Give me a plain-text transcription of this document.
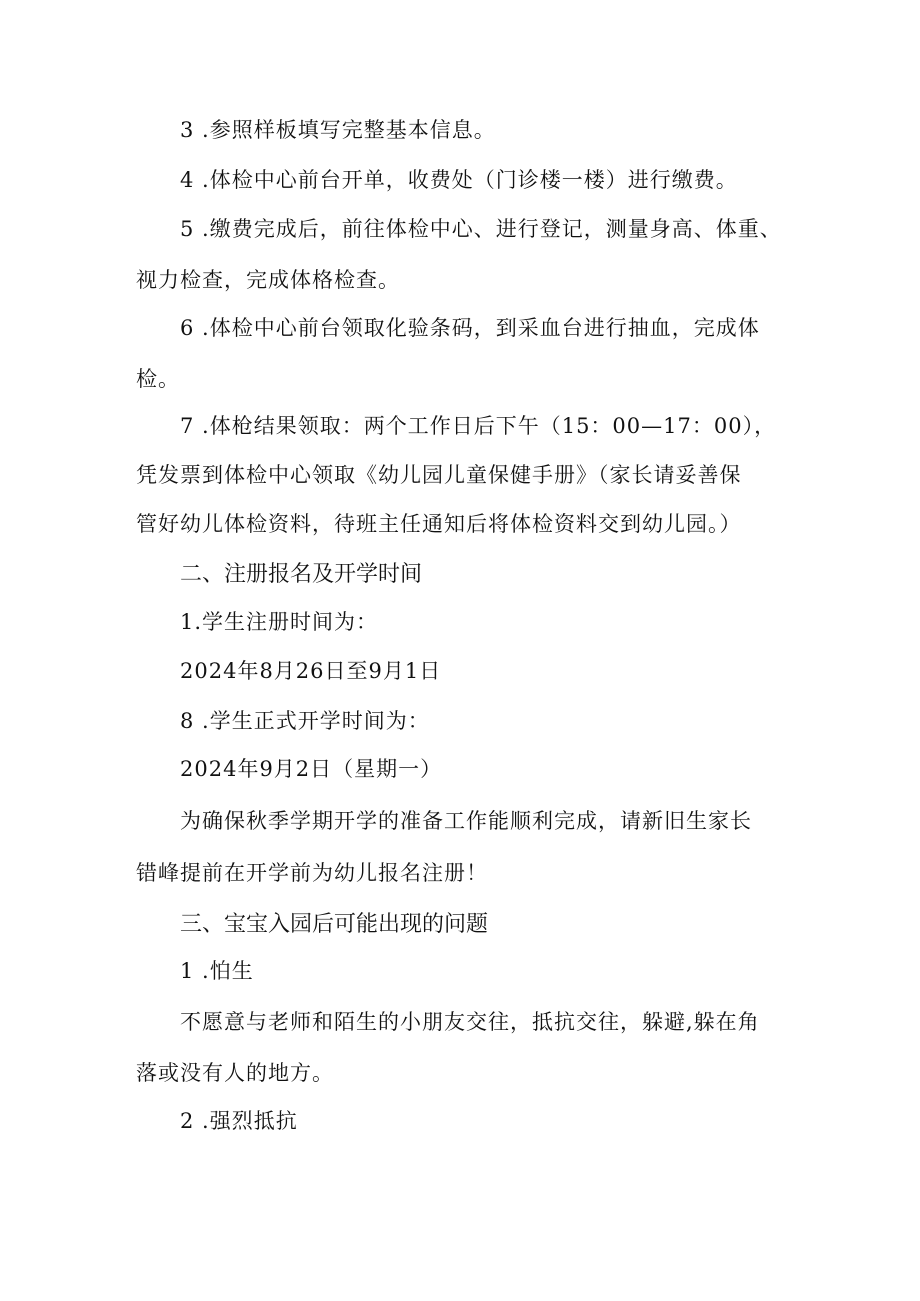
3 .参照样板填写完整基本信息。
4 .体检中心前台开单，收费处（门诊楼一楼）进行缴费。
5 .缴费完成后，前往体检中心、进行登记，测量身高、体重、
视力检查，完成体格检查。
6 .体检中心前台领取化验条码，到采血台进行抽血，完成体
检。
7 .体枪结果领取：两个工作日后下午（15：00—17：00），
凭发票到体检中心领取《幼儿园儿童保健手册》（家长请妥善保
管好幼儿体检资料，待班主任通知后将体检资料交到幼儿园。）
二、注册报名及开学时间
1.学生注册时间为：
2024年8月26日至9月1日
8 .学生正式开学时间为：
2024年9月2日（星期一）
为确保秋季学期开学的准备工作能顺利完成，请新旧生家长
错峰提前在开学前为幼儿报名注册！
三、宝宝入园后可能出现的问题
1 .怕生
不愿意与老师和陌生的小朋友交往，抵抗交往，躲避,躲在角
落或没有人的地方。
2 .强烈抵抗
